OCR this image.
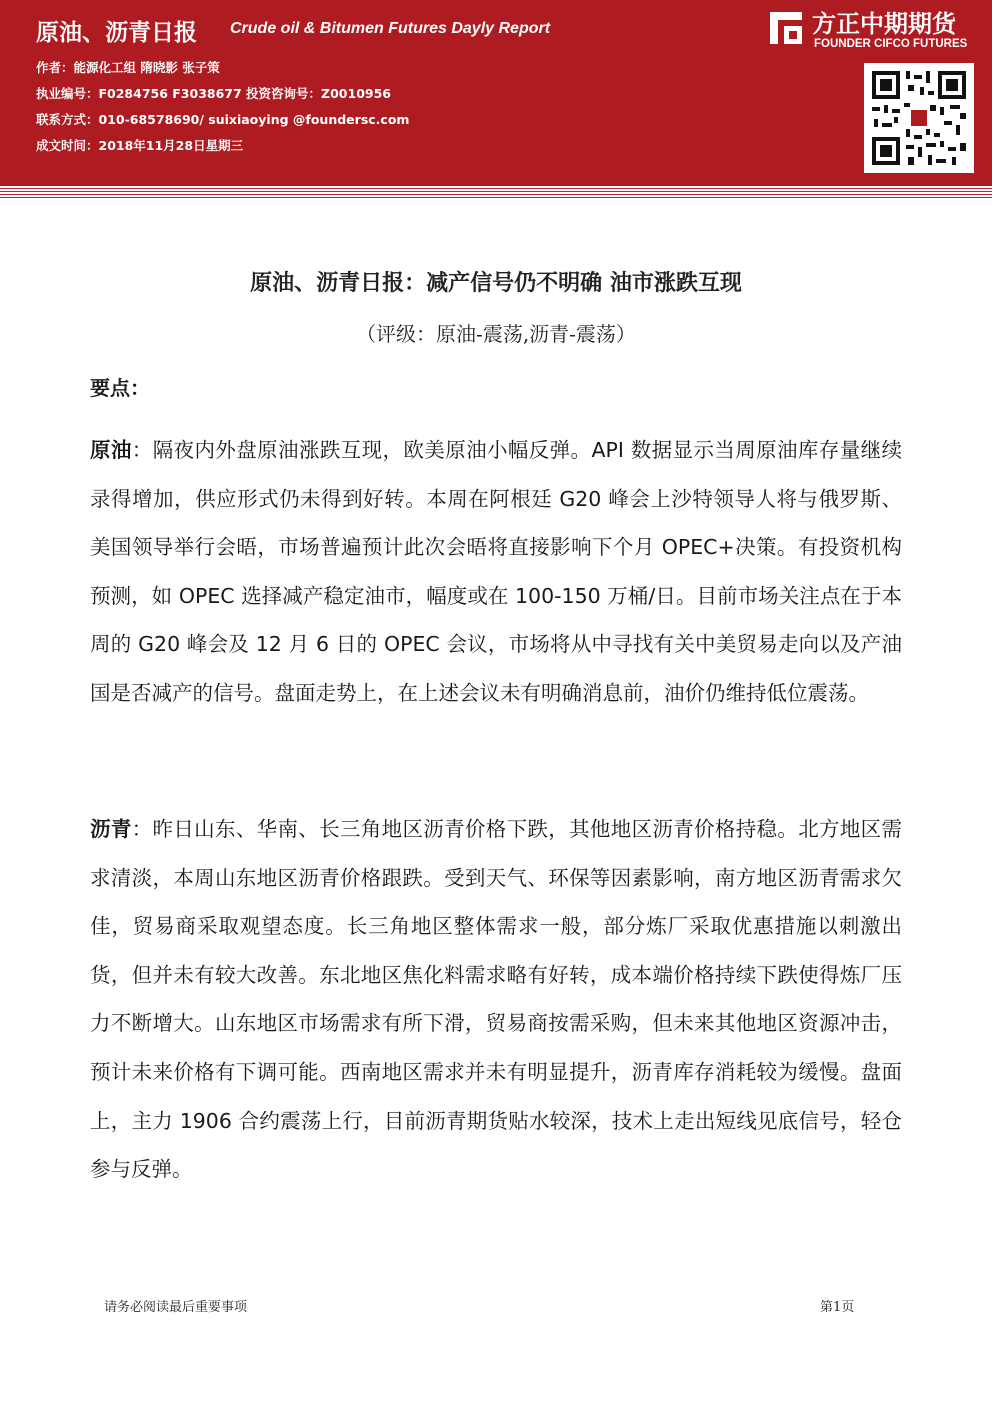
原油、沥青日报 Crude oil & Bitumen Futures Dayly Report
作者：能源化工组 隋晓影 张子策
执业编号：F0284756 F3038677 投资咨询号：Z0010956
联系方式：010-68578690/ suixiaoying @foundersc.com
成文时间：2018年11月28日星期三
方正中期期货
FOUNDER CIFCO FUTURES
原油、沥青日报：减产信号仍不明确 油市涨跌互现
（评级：原油-震荡,沥青-震荡）
要点：

原油：隔夜内外盘原油涨跌互现，欧美原油小幅反弹。API 数据显示当周原油库存量继续录得增加，供应形式仍未得到好转。本周在阿根廷 G20 峰会上沙特领导人将与俄罗斯、美国领导举行会晤，市场普遍预计此次会晤将直接影响下个月 OPEC+决策。有投资机构预测，如 OPEC 选择减产稳定油市，幅度或在 100-150 万桶/日。目前市场关注点在于本周的 G20 峰会及 12 月 6 日的 OPEC 会议，市场将从中寻找有关中美贸易走向以及产油国是否减产的信号。盘面走势上，在上述会议未有明确消息前，油价仍维持低位震荡。

沥青：昨日山东、华南、长三角地区沥青价格下跌，其他地区沥青价格持稳。北方地区需求清淡，本周山东地区沥青价格跟跌。受到天气、环保等因素影响，南方地区沥青需求欠佳，贸易商采取观望态度。长三角地区整体需求一般，部分炼厂采取优惠措施以刺激出货，但并未有较大改善。东北地区焦化料需求略有好转，成本端价格持续下跌使得炼厂压力不断增大。山东地区市场需求有所下滑，贸易商按需采购，但未来其他地区资源冲击，预计未来价格有下调可能。西南地区需求并未有明显提升，沥青库存消耗较为缓慢。盘面上，主力 1906 合约震荡上行，目前沥青期货贴水较深，技术上走出短线见底信号，轻仓参与反弹。

请务必阅读最后重要事项	第1页
